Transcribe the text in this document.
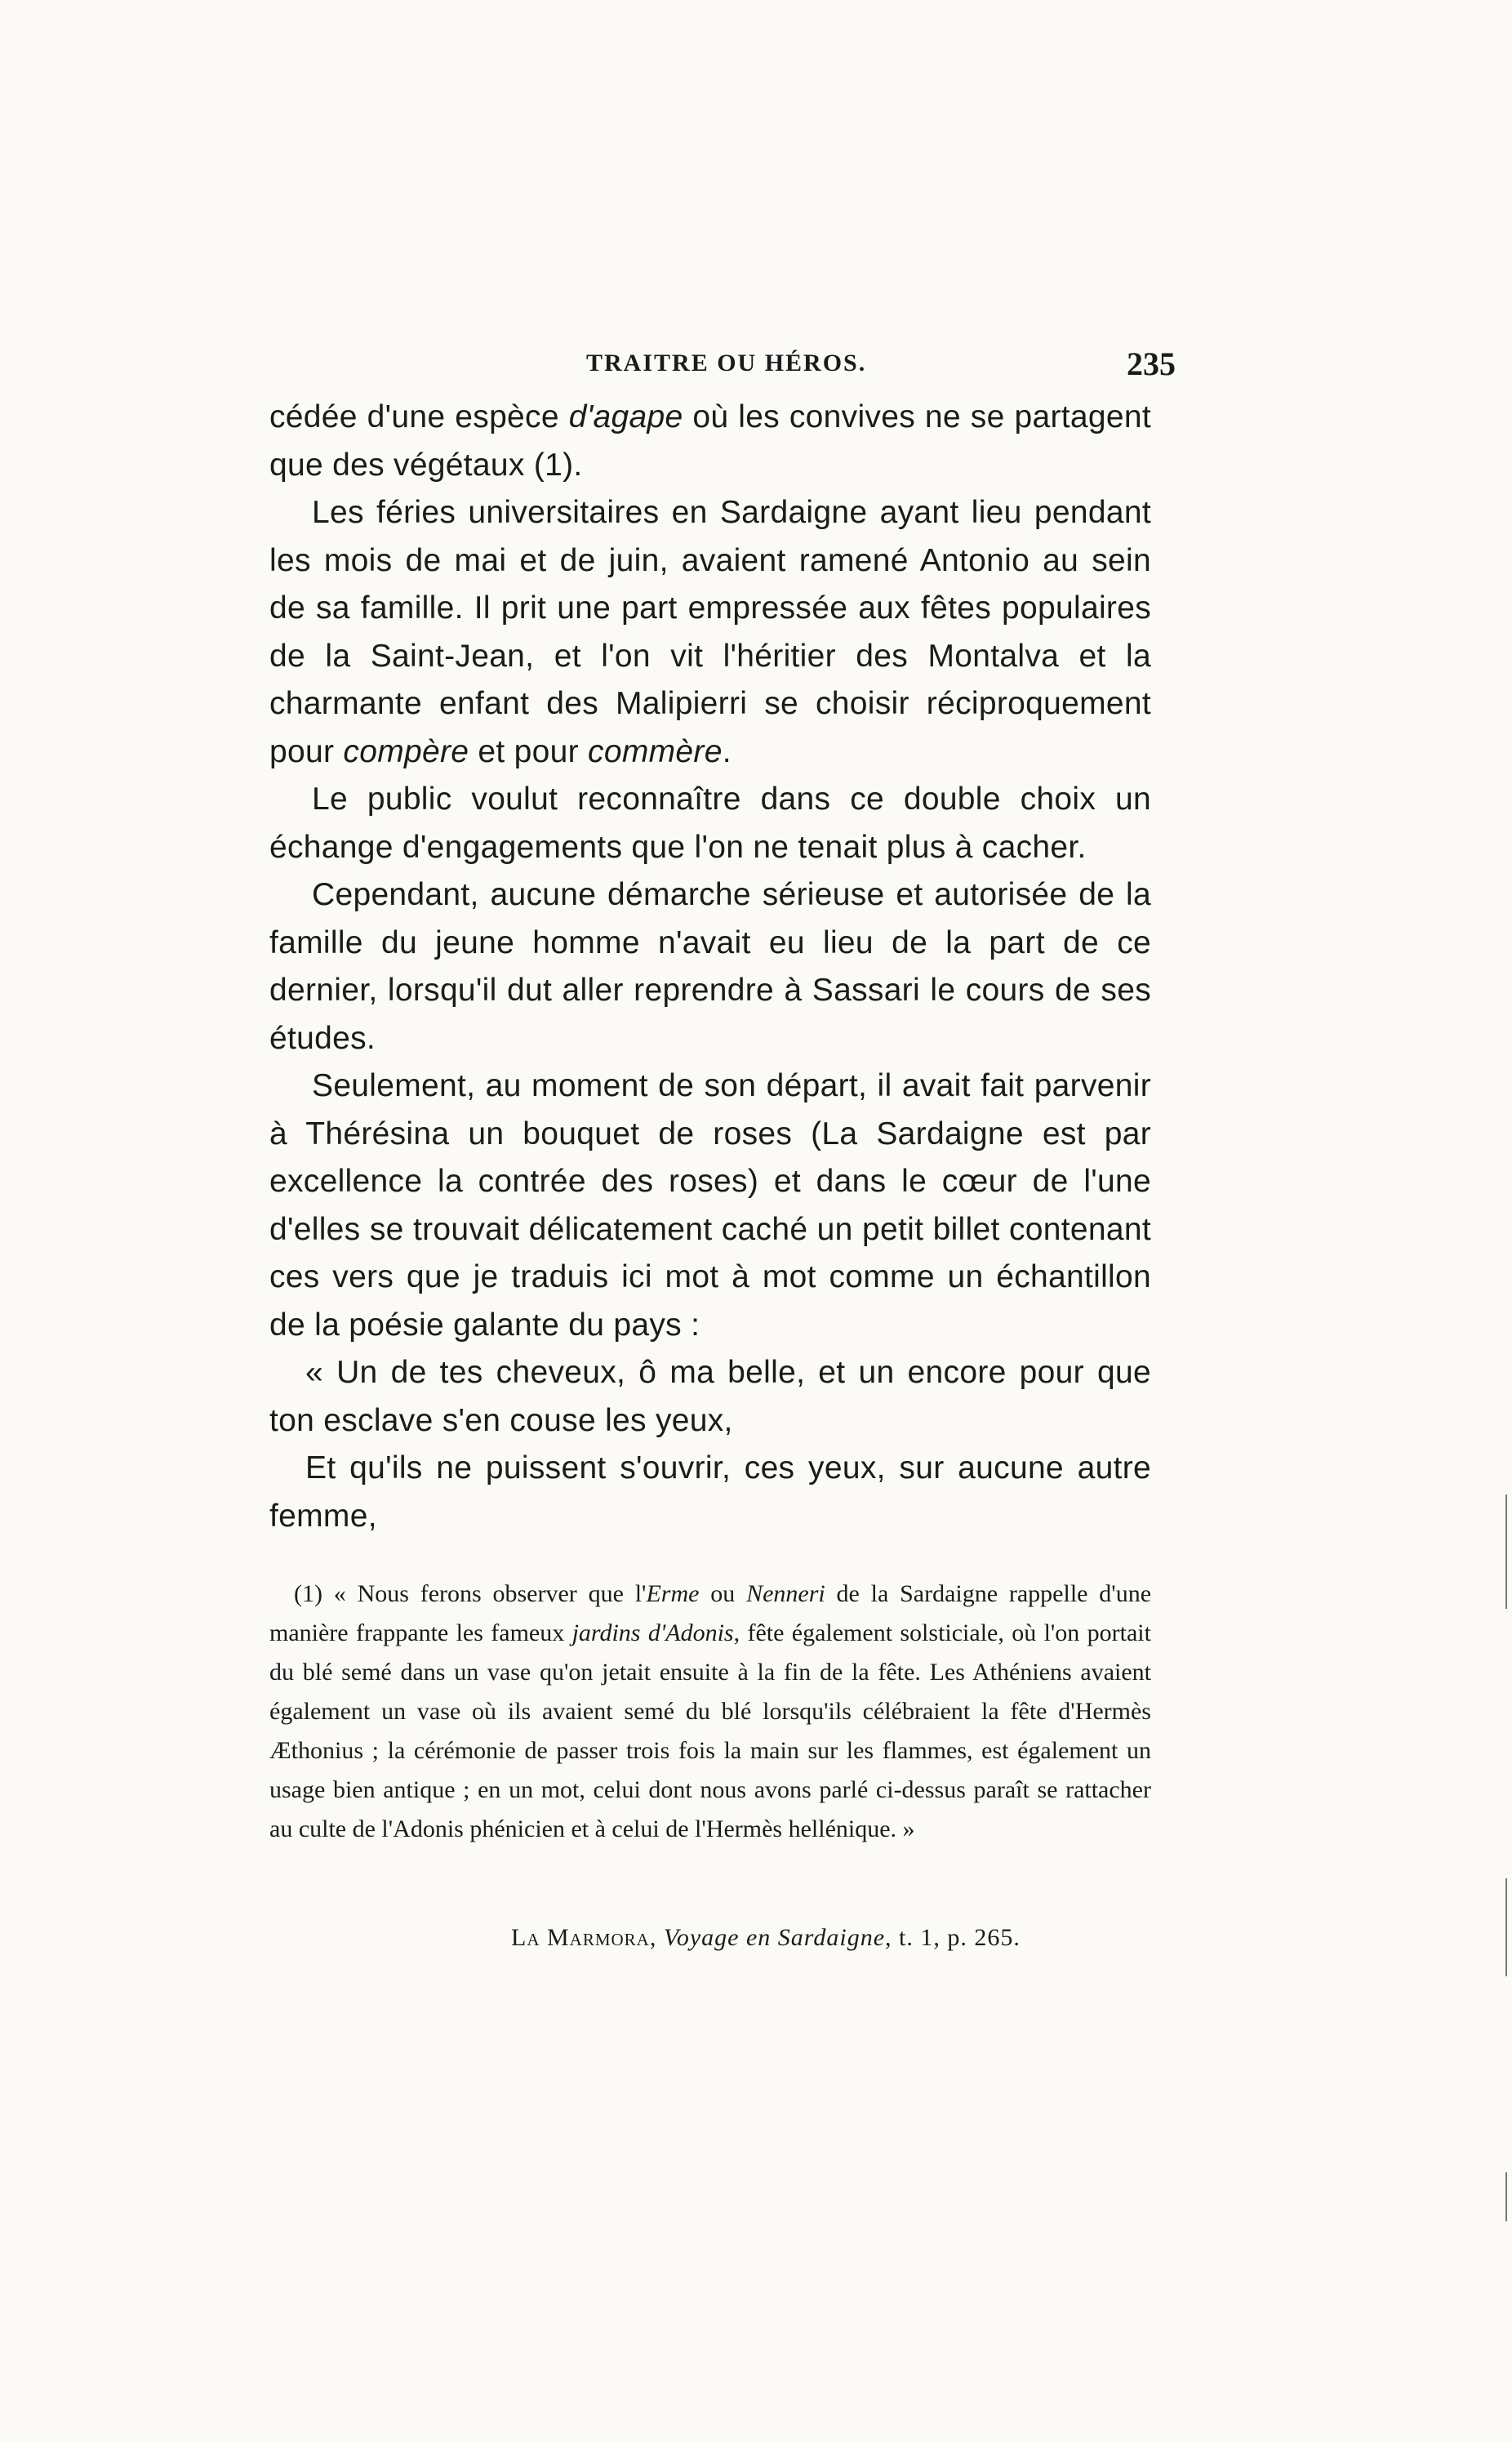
TRAITRE OU HÉROS.	235

cédée d'une espèce d'agape où les convives ne se partagent que des végétaux (1).

Les féries universitaires en Sardaigne ayant lieu pendant les mois de mai et de juin, avaient ramené Antonio au sein de sa famille. Il prit une part empressée aux fêtes populaires de la Saint-Jean, et l'on vit l'héritier des Montalva et la charmante enfant des Malipierri se choisir réciproquement pour compère et pour commère.

Le public voulut reconnaître dans ce double choix un échange d'engagements que l'on ne tenait plus à cacher.

Cependant, aucune démarche sérieuse et autorisée de la famille du jeune homme n'avait eu lieu de la part de ce dernier, lorsqu'il dut aller reprendre à Sassari le cours de ses études.

Seulement, au moment de son départ, il avait fait parvenir à Thérésina un bouquet de roses (La Sardaigne est par excellence la contrée des roses) et dans le cœur de l'une d'elles se trouvait délicatement caché un petit billet contenant ces vers que je traduis ici mot à mot comme un échantillon de la poésie galante du pays :

« Un de tes cheveux, ô ma belle, et un encore pour que ton esclave s'en couse les yeux,

Et qu'ils ne puissent s'ouvrir, ces yeux, sur aucune autre femme,

(1) « Nous ferons observer que l'Erme ou Nenneri de la Sardaigne rappelle d'une manière frappante les fameux jardins d'Adonis, fête également solsticiale, où l'on portait du blé semé dans un vase qu'on jetait ensuite à la fin de la fête. Les Athéniens avaient également un vase où ils avaient semé du blé lorsqu'ils célébraient la fête d'Hermès Æthonius ; la cérémonie de passer trois fois la main sur les flammes, est également un usage bien antique ; en un mot, celui dont nous avons parlé ci-dessus paraît se rattacher au culte de l'Adonis phénicien et à celui de l'Hermès hellénique. »

La Marmora, Voyage en Sardaigne, t. 1, p. 265.
